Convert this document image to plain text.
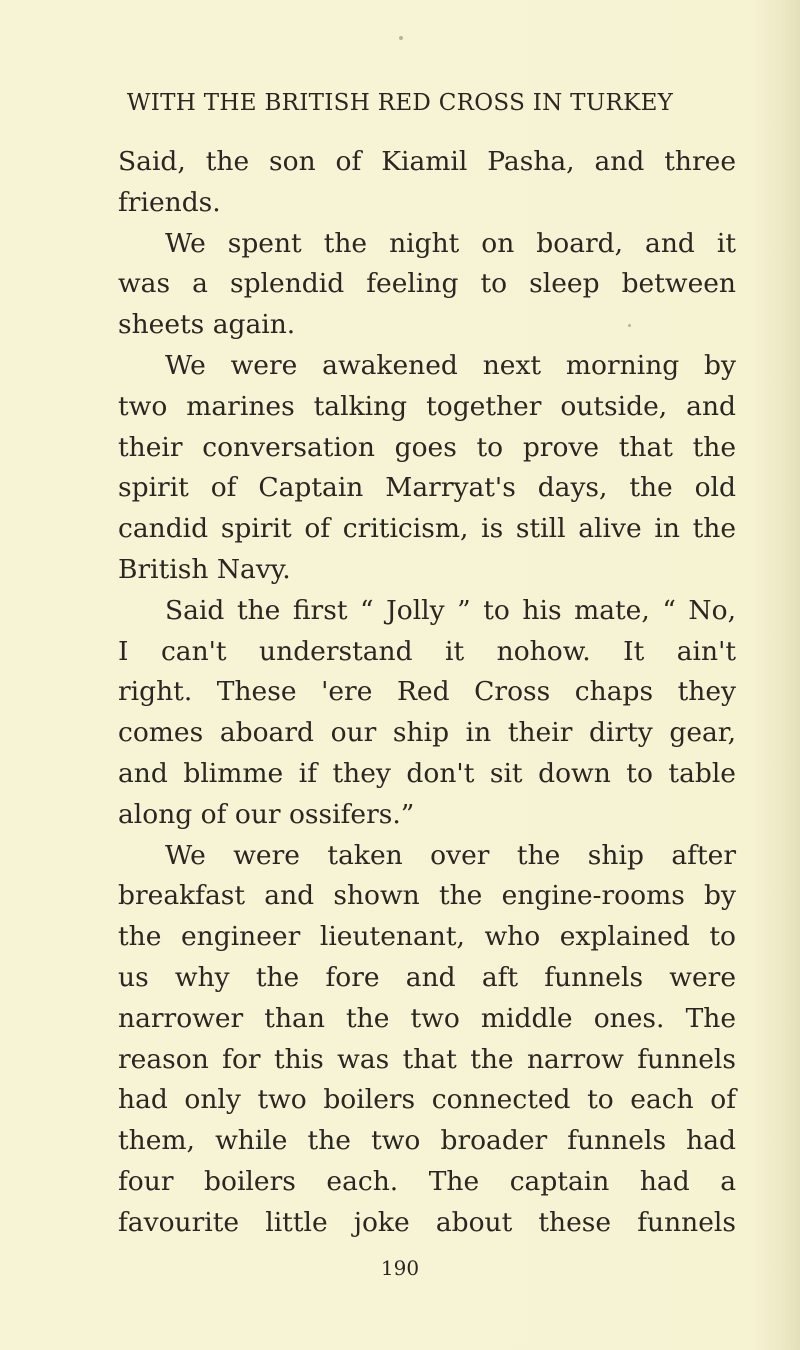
WITH THE BRITISH RED CROSS IN TURKEY
Said, the son of Kiamil Pasha, and three
friends.
We spent the night on board, and it
was a splendid feeling to sleep between
sheets again.
We were awakened next morning by
two marines talking together outside, and
their conversation goes to prove that the
spirit of Captain Marryat's days, the old
candid spirit of criticism, is still alive in the
British Navy.
Said the first “ Jolly ” to his mate, “ No,
I can't understand it nohow. It ain't
right. These 'ere Red Cross chaps they
comes aboard our ship in their dirty gear,
and blimme if they don't sit down to table
along of our ossifers.”
We were taken over the ship after
breakfast and shown the engine-rooms by
the engineer lieutenant, who explained to
us why the fore and aft funnels were
narrower than the two middle ones. The
reason for this was that the narrow funnels
had only two boilers connected to each of
them, while the two broader funnels had
four boilers each. The captain had a
favourite little joke about these funnels
190
